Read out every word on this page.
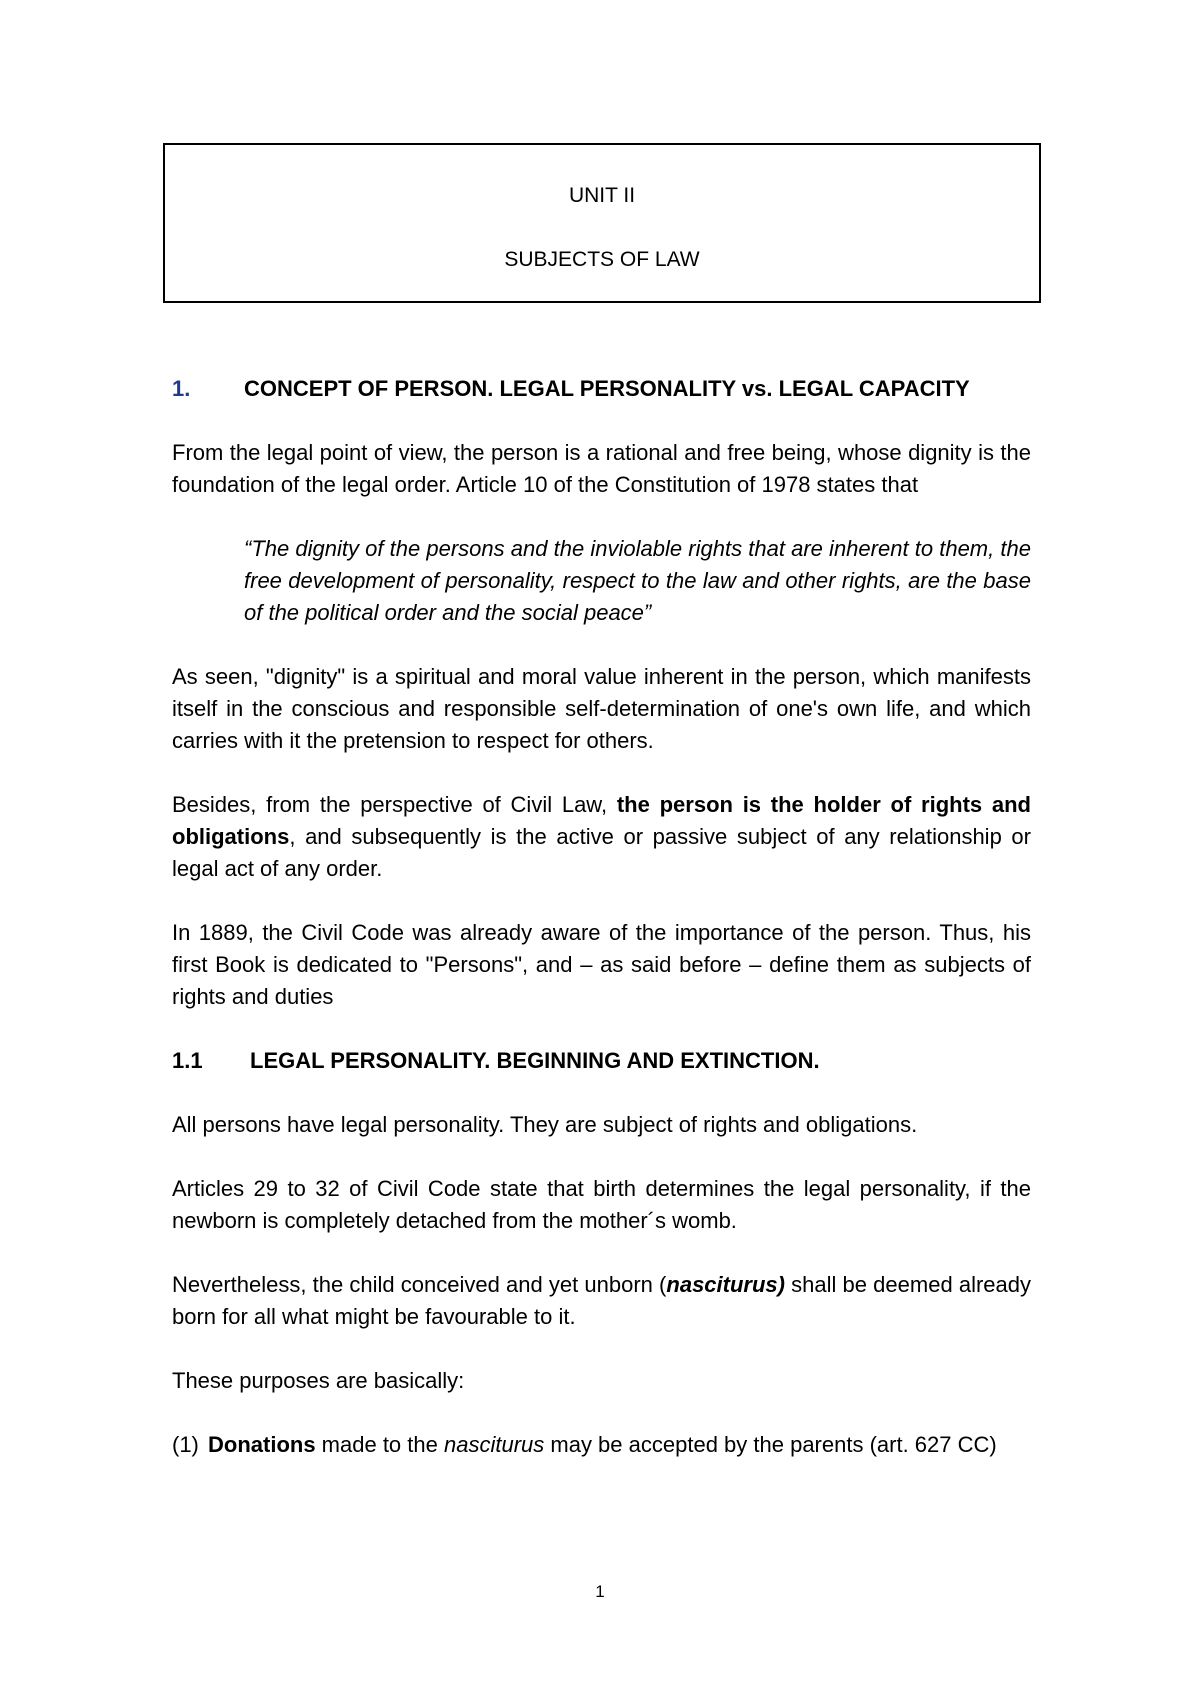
UNIT II
SUBJECTS OF LAW
1.	CONCEPT OF PERSON. LEGAL PERSONALITY vs. LEGAL CAPACITY

From the legal point of view, the person is a rational and free being, whose dignity is the foundation of the legal order. Article 10 of the Constitution of 1978 states that

“The dignity of the persons and the inviolable rights that are inherent to them, the free development of personality, respect to the law and other rights, are the base of the political order and the social peace”

As seen, "dignity" is a spiritual and moral value inherent in the person, which manifests itself in the conscious and responsible self-determination of one's own life, and which carries with it the pretension to respect for others.

Besides, from the perspective of Civil Law, the person is the holder of rights and obligations, and subsequently is the active or passive subject of any relationship or legal act of any order.

In 1889, the Civil Code was already aware of the importance of the person. Thus, his first Book is dedicated to "Persons", and – as said before – define them as subjects of rights and duties

1.1	LEGAL PERSONALITY. BEGINNING AND EXTINCTION.

All persons have legal personality. They are subject of rights and obligations.

Articles 29 to 32 of Civil Code state that birth determines the legal personality, if the newborn is completely detached from the mother´s womb.

Nevertheless, the child conceived and yet unborn (nasciturus) shall be deemed already born for all what might be favourable to it.

These purposes are basically:

(1) Donations made to the nasciturus may be accepted by the parents (art. 627 CC)
1
